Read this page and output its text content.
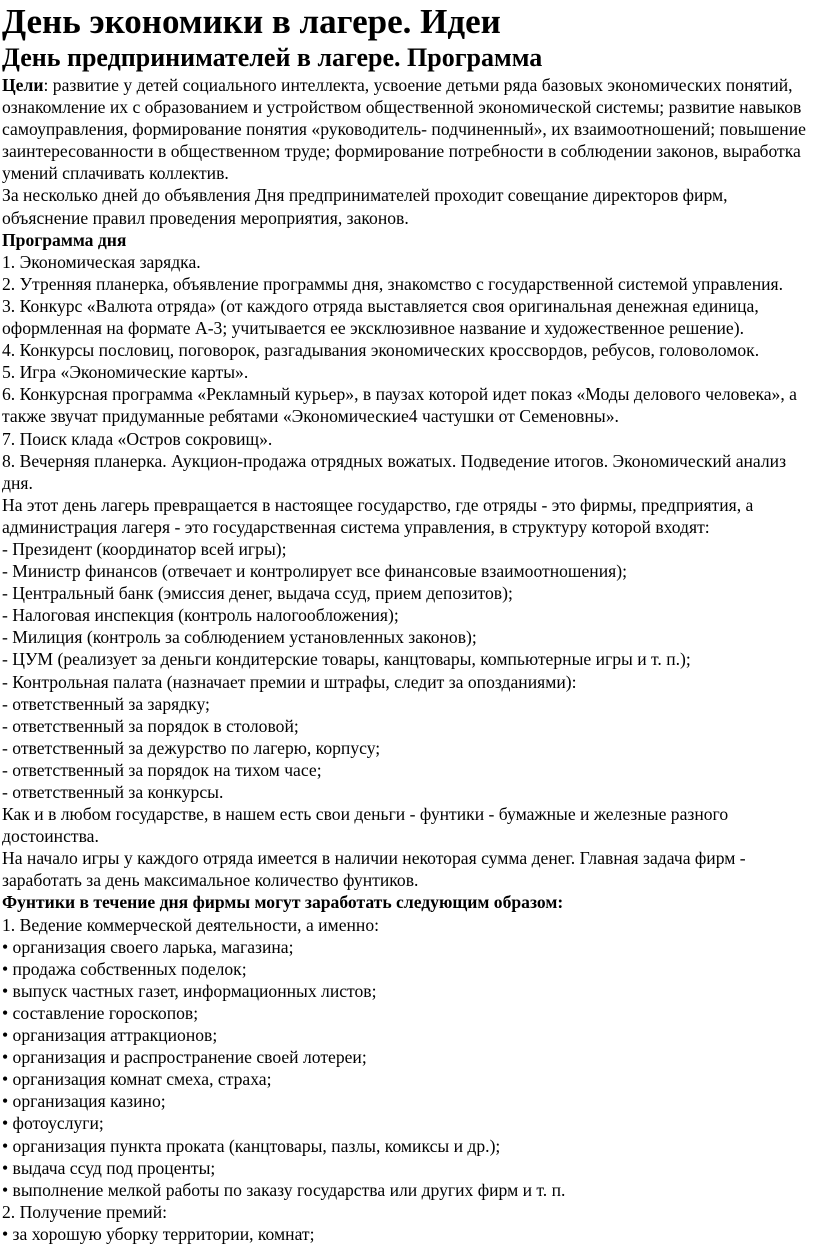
День экономики в лагере. Идеи
День предпринимателей в лагере. Программа

Цели: развитие у детей социального интеллекта, усвоение детьми ряда базовых экономических понятий, ознакомление их с образованием и устройством общественной экономической системы; развитие навыков самоуправления, формирование понятия «руководитель- подчиненный», их взаимоотношений; повышение заинтересованности в общественном труде; формирование потребности в соблюдении законов, выработка умений сплачивать коллектив.

За несколько дней до объявления Дня предпринимателей проходит совещание директоров фирм, объяснение правил проведения мероприятия, законов.

Программа дня

1. Экономическая зарядка.

2. Утренняя планерка, объявление программы дня, знакомство с государственной системой управления.

3. Конкурс «Валюта отряда» (от каждого отряда выставляется своя оригинальная денежная единица, оформленная на формате А-3; учитывается ее эксклюзивное название и художественное решение).

4. Конкурсы пословиц, поговорок, разгадывания экономических кроссвордов, ребусов, головоломок.

5. Игра «Экономические карты».

6. Конкурсная программа «Рекламный курьер», в паузах которой идет показ «Моды делового человека», а также звучат придуманные ребятами «Экономические4 частушки от Семеновны».

7. Поиск клада «Остров сокровищ».

8. Вечерняя планерка. Аукцион-продажа отрядных вожатых. Подведение итогов. Экономический анализ дня.

На этот день лагерь превращается в настоящее государство, где отряды - это фирмы, предприятия, а администрация лагеря - это государственная система управления, в структуру которой входят:

- Президент (координатор всей игры);

- Министр финансов (отвечает и контролирует все финансовые взаимоотношения);

- Центральный банк (эмиссия денег, выдача ссуд, прием депозитов);

- Налоговая инспекция (контроль налогообложения);

- Милиция (контроль за соблюдением установленных законов);

- ЦУМ (реализует за деньги кондитерские товары, канцтовары, компьютерные игры и т. п.);

- Контрольная палата (назначает премии и штрафы, следит за опозданиями):

- ответственный за зарядку;

- ответственный за порядок в столовой;

- ответственный за дежурство по лагерю, корпусу;

- ответственный за порядок на тихом часе;

- ответственный за конкурсы.

Как и в любом государстве, в нашем есть свои деньги - фунтики - бумажные и железные разного достоинства.

На начало игры у каждого отряда имеется в наличии некоторая сумма денег. Главная задача фирм - заработать за день максимальное количество фунтиков.

Фунтики в течение дня фирмы могут заработать следующим образом:

1. Ведение коммерческой деятельности, а именно:

• организация своего ларька, магазина;

• продажа собственных поделок;

• выпуск частных газет, информационных листов;

• составление гороскопов;

• организация аттракционов;

• организация и распространение своей лотереи;

• организация комнат смеха, страха;

• организация казино;

• фотоуслуги;

• организация пункта проката (канцтовары, пазлы, комиксы и др.);

• выдача ссуд под проценты;

• выполнение мелкой работы по заказу государства или других фирм и т. п.

2. Получение премий:

• за хорошую уборку территории, комнат;
